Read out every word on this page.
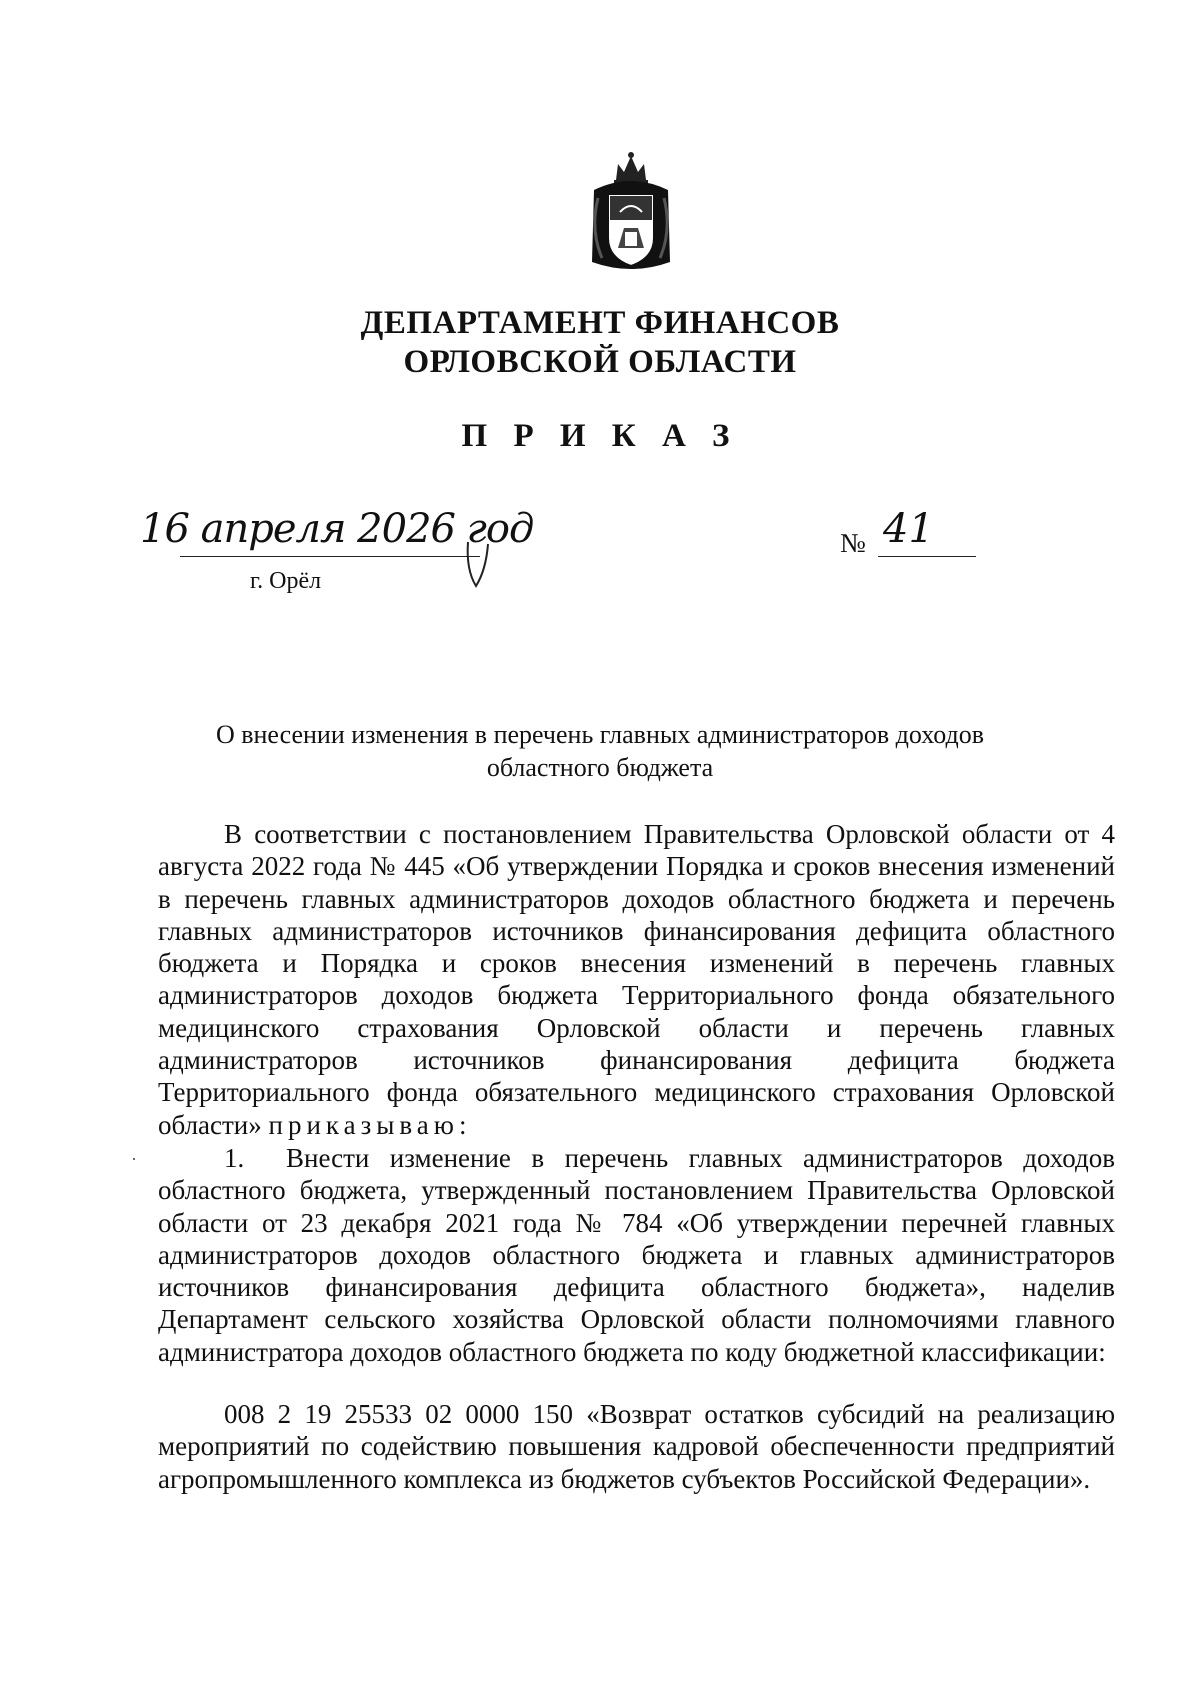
ДЕПАРТАМЕНТ ФИНАНСОВ
ОРЛОВСКОЙ ОБЛАСТИ
П Р И К А З
16 апреля 2026 год
г. Орёл
№ 41
О внесении изменения в перечень главных администраторов доходов
областного бюджета

В соответствии с постановлением Правительства Орловской области от 4 августа 2022 года № 445 «Об утверждении Порядка и сроков внесения изменений в перечень главных администраторов доходов областного бюджета и перечень главных администраторов источников финансирования дефицита областного бюджета и Порядка и сроков внесения изменений в перечень главных администраторов доходов бюджета Территориального фонда обязательного медицинского страхования Орловской области и перечень главных администраторов источников финансирования дефицита бюджета Территориального фонда обязательного медицинского страхования Орловской области» приказываю:

1. Внести изменение в перечень главных администраторов доходов областного бюджета, утвержденный постановлением Правительства Орловской области от 23 декабря 2021 года № 784 «Об утверждении перечней главных администраторов доходов областного бюджета и главных администраторов источников финансирования дефицита областного бюджета», наделив Департамент сельского хозяйства Орловской области полномочиями главного администратора доходов областного бюджета по коду бюджетной классификации:

008 2 19 25533 02 0000 150 «Возврат остатков субсидий на реализацию мероприятий по содействию повышения кадровой обеспеченности предприятий агропромышленного комплекса из бюджетов субъектов Российской Федерации».
